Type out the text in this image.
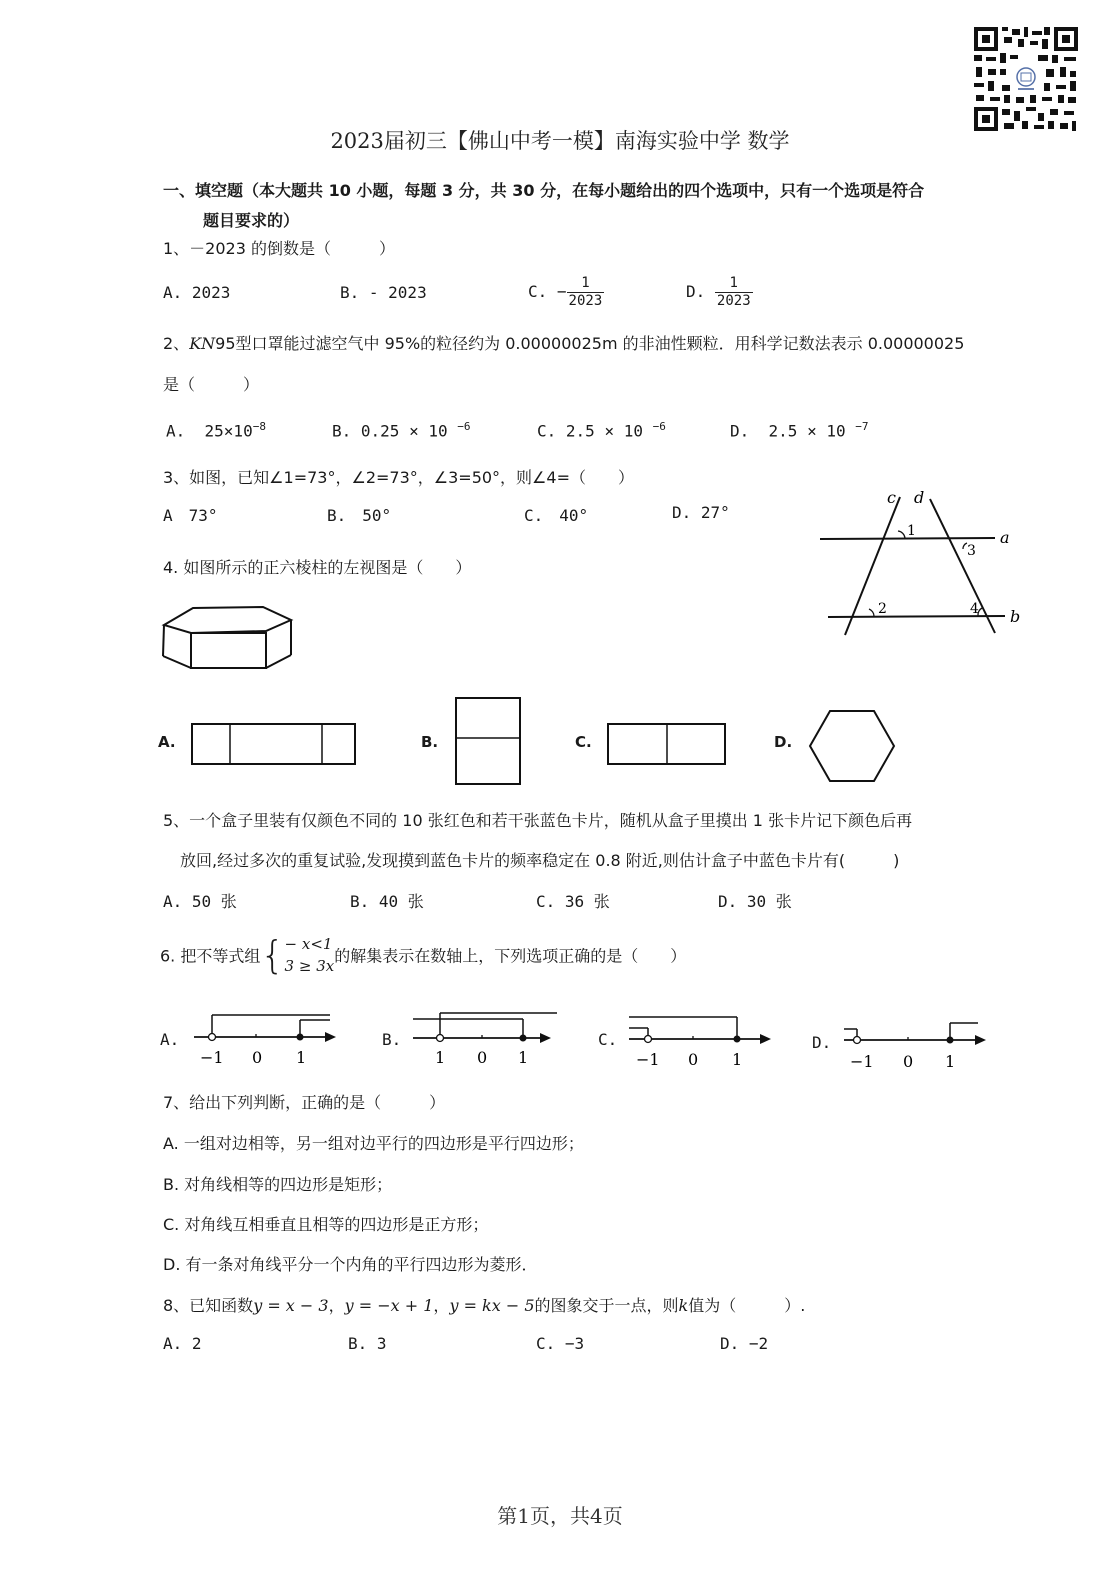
2023届初三【佛山中考一模】南海实验中学 数学
一、填空题（本大题共 10 小题，每题 3 分，共 30 分，在每小题给出的四个选项中，只有一个选项是符合
题目要求的）
1、－2023 的倒数是（　　　）
A. 2023	B. - 2023	C. − $\frac{1}{2023}$	D. $\frac{1}{2023}$
2、KN95型口罩能过滤空气中 95%的粒径约为 0.00000025m 的非油性颗粒．用科学记数法表示 0.00000025
是（　　　）
A. $25\times 10^{-8}$	B. 0.25 × 10 $^{-6}$	C. 2.5 × 10 $^{-6}$	D. 2.5 × 10 $^{-7}$
3、如图，已知∠1=73°，∠2=73°，∠3=50°，则∠4=（　　）
A　73°	B.　50°	C.　40°	D. 27°
c d
a
b
1
2
3
4
4. 如图所示的正六棱柱的左视图是（　　）
A.	B.	C.	D.
5、一个盒子里装有仅颜色不同的 10 张红色和若干张蓝色卡片，随机从盒子里摸出 1 张卡片记下颜色后再
放回,经过多次的重复试验,发现摸到蓝色卡片的频率稳定在 0.8 附近,则估计盒子中蓝色卡片有(　　　)
A. 50 张	B. 40 张	C. 36 张	D. 30 张
6. 把不等式组{ − x<1
3 ≥ 3x
的解集表示在数轴上，下列选项正确的是（　　）
A.
−1 0 1
B.
1 0 1
C.
−1 0 1
D.
−1 0 1
7、给出下列判断，正确的是（　　　）
A. 一组对边相等，另一组对边平行的四边形是平行四边形；
B. 对角线相等的四边形是矩形；
C. 对角线互相垂直且相等的四边形是正方形；
D. 有一条对角线平分一个内角的平行四边形为菱形．
8、已知函数y = x − 3，y = −x + 1，y = kx − 5的图象交于一点，则k值为（　　　）.
A. 2	B. 3	C. −3	D. −2
第1页，共4页
